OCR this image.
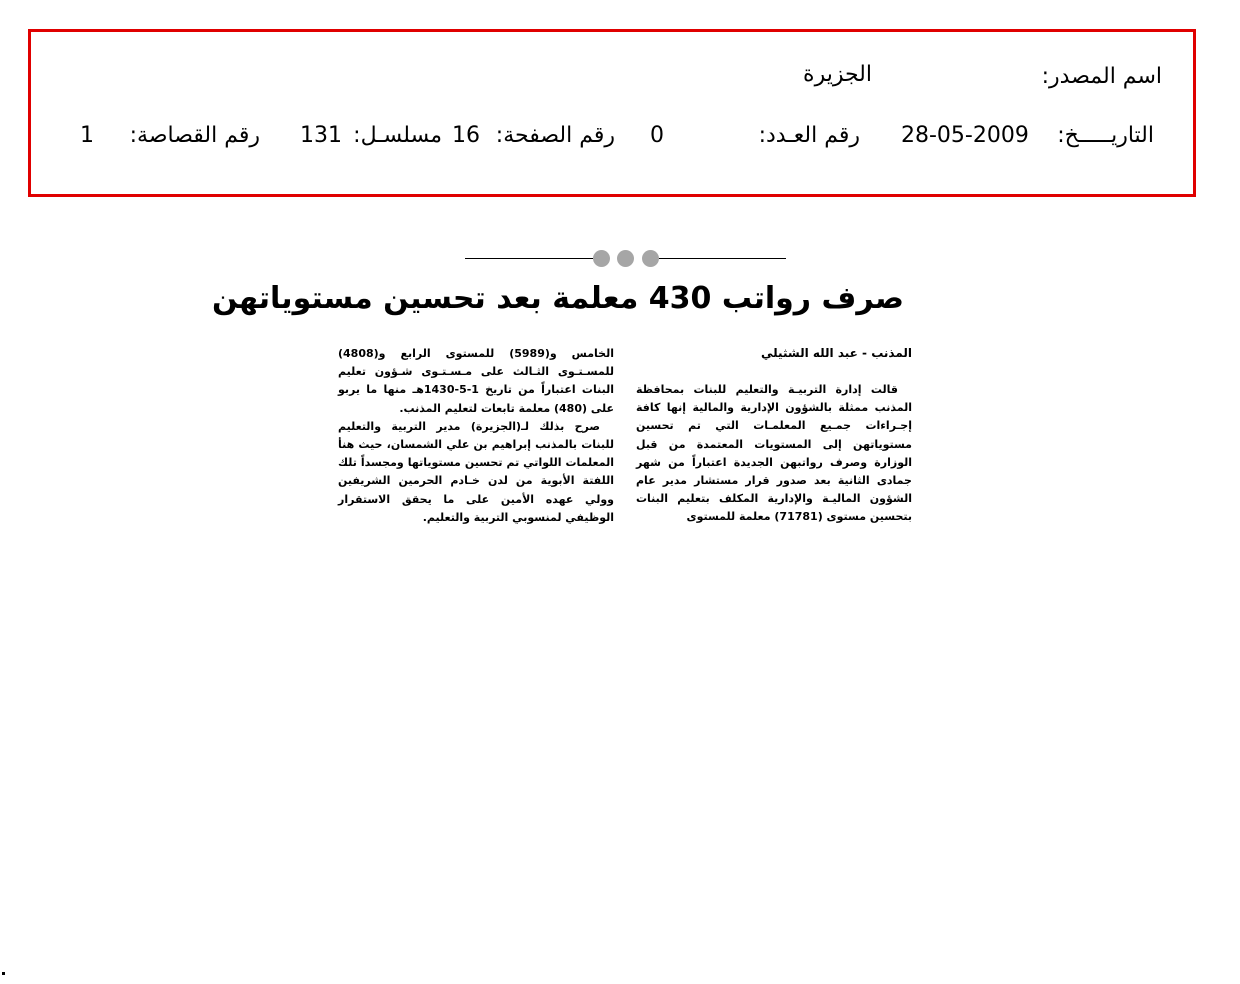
اسم المصدر:
الجزيرة
التاريـــــخ:
28-05-2009
رقم العـدد:
0
رقم الصفحة:
16
مسلسـل:
131
رقم القصاصة:
1
صرف رواتب 430 معلمة بعد تحسين مستوياتهن
المذنب - عبد الله الشثيلي

قالت إدارة التربيـة والتعليم للبنات بمحافظة المذنب ممثلة بالشؤون الإدارية والمالية إنها كافة إجـراءات جمـيع المعلمـات التي تم تحسين مستوياتهن إلى المستويات المعتمدة من قبل الوزارة وصرف رواتبهن الجديدة اعتباراً من شهر جمادى الثانية بعد صدور قرار مستشار مدير عام الشؤون الماليـة والإدارية المكلف بتعليم البنات بتحسين مستوى (71781) معلمة للمستوى

الخامس و(5989) للمستوى الرابع و(4808) للمسـتـوى الثـالث على مـسـتـوى شـؤون تعليم البنات اعتباراً من تاريخ 1-5-1430هـ منها ما يربو على (480) معلمة تابعات لتعليم المذنب.

صرح بذلك لـ(الجزيرة) مدير التربية والتعليم للبنات بالمذنب إبراهيم بن علي الشمسان، حيث هنأ المعلمات اللواتي تم تحسين مستوياتها ومجسداً تلك اللفتة الأبوية من لدن خـادم الحرمين الشريفين وولي عهده الأمين على ما يحقق الاستقرار الوظيفي لمنسوبي التربية والتعليم.
